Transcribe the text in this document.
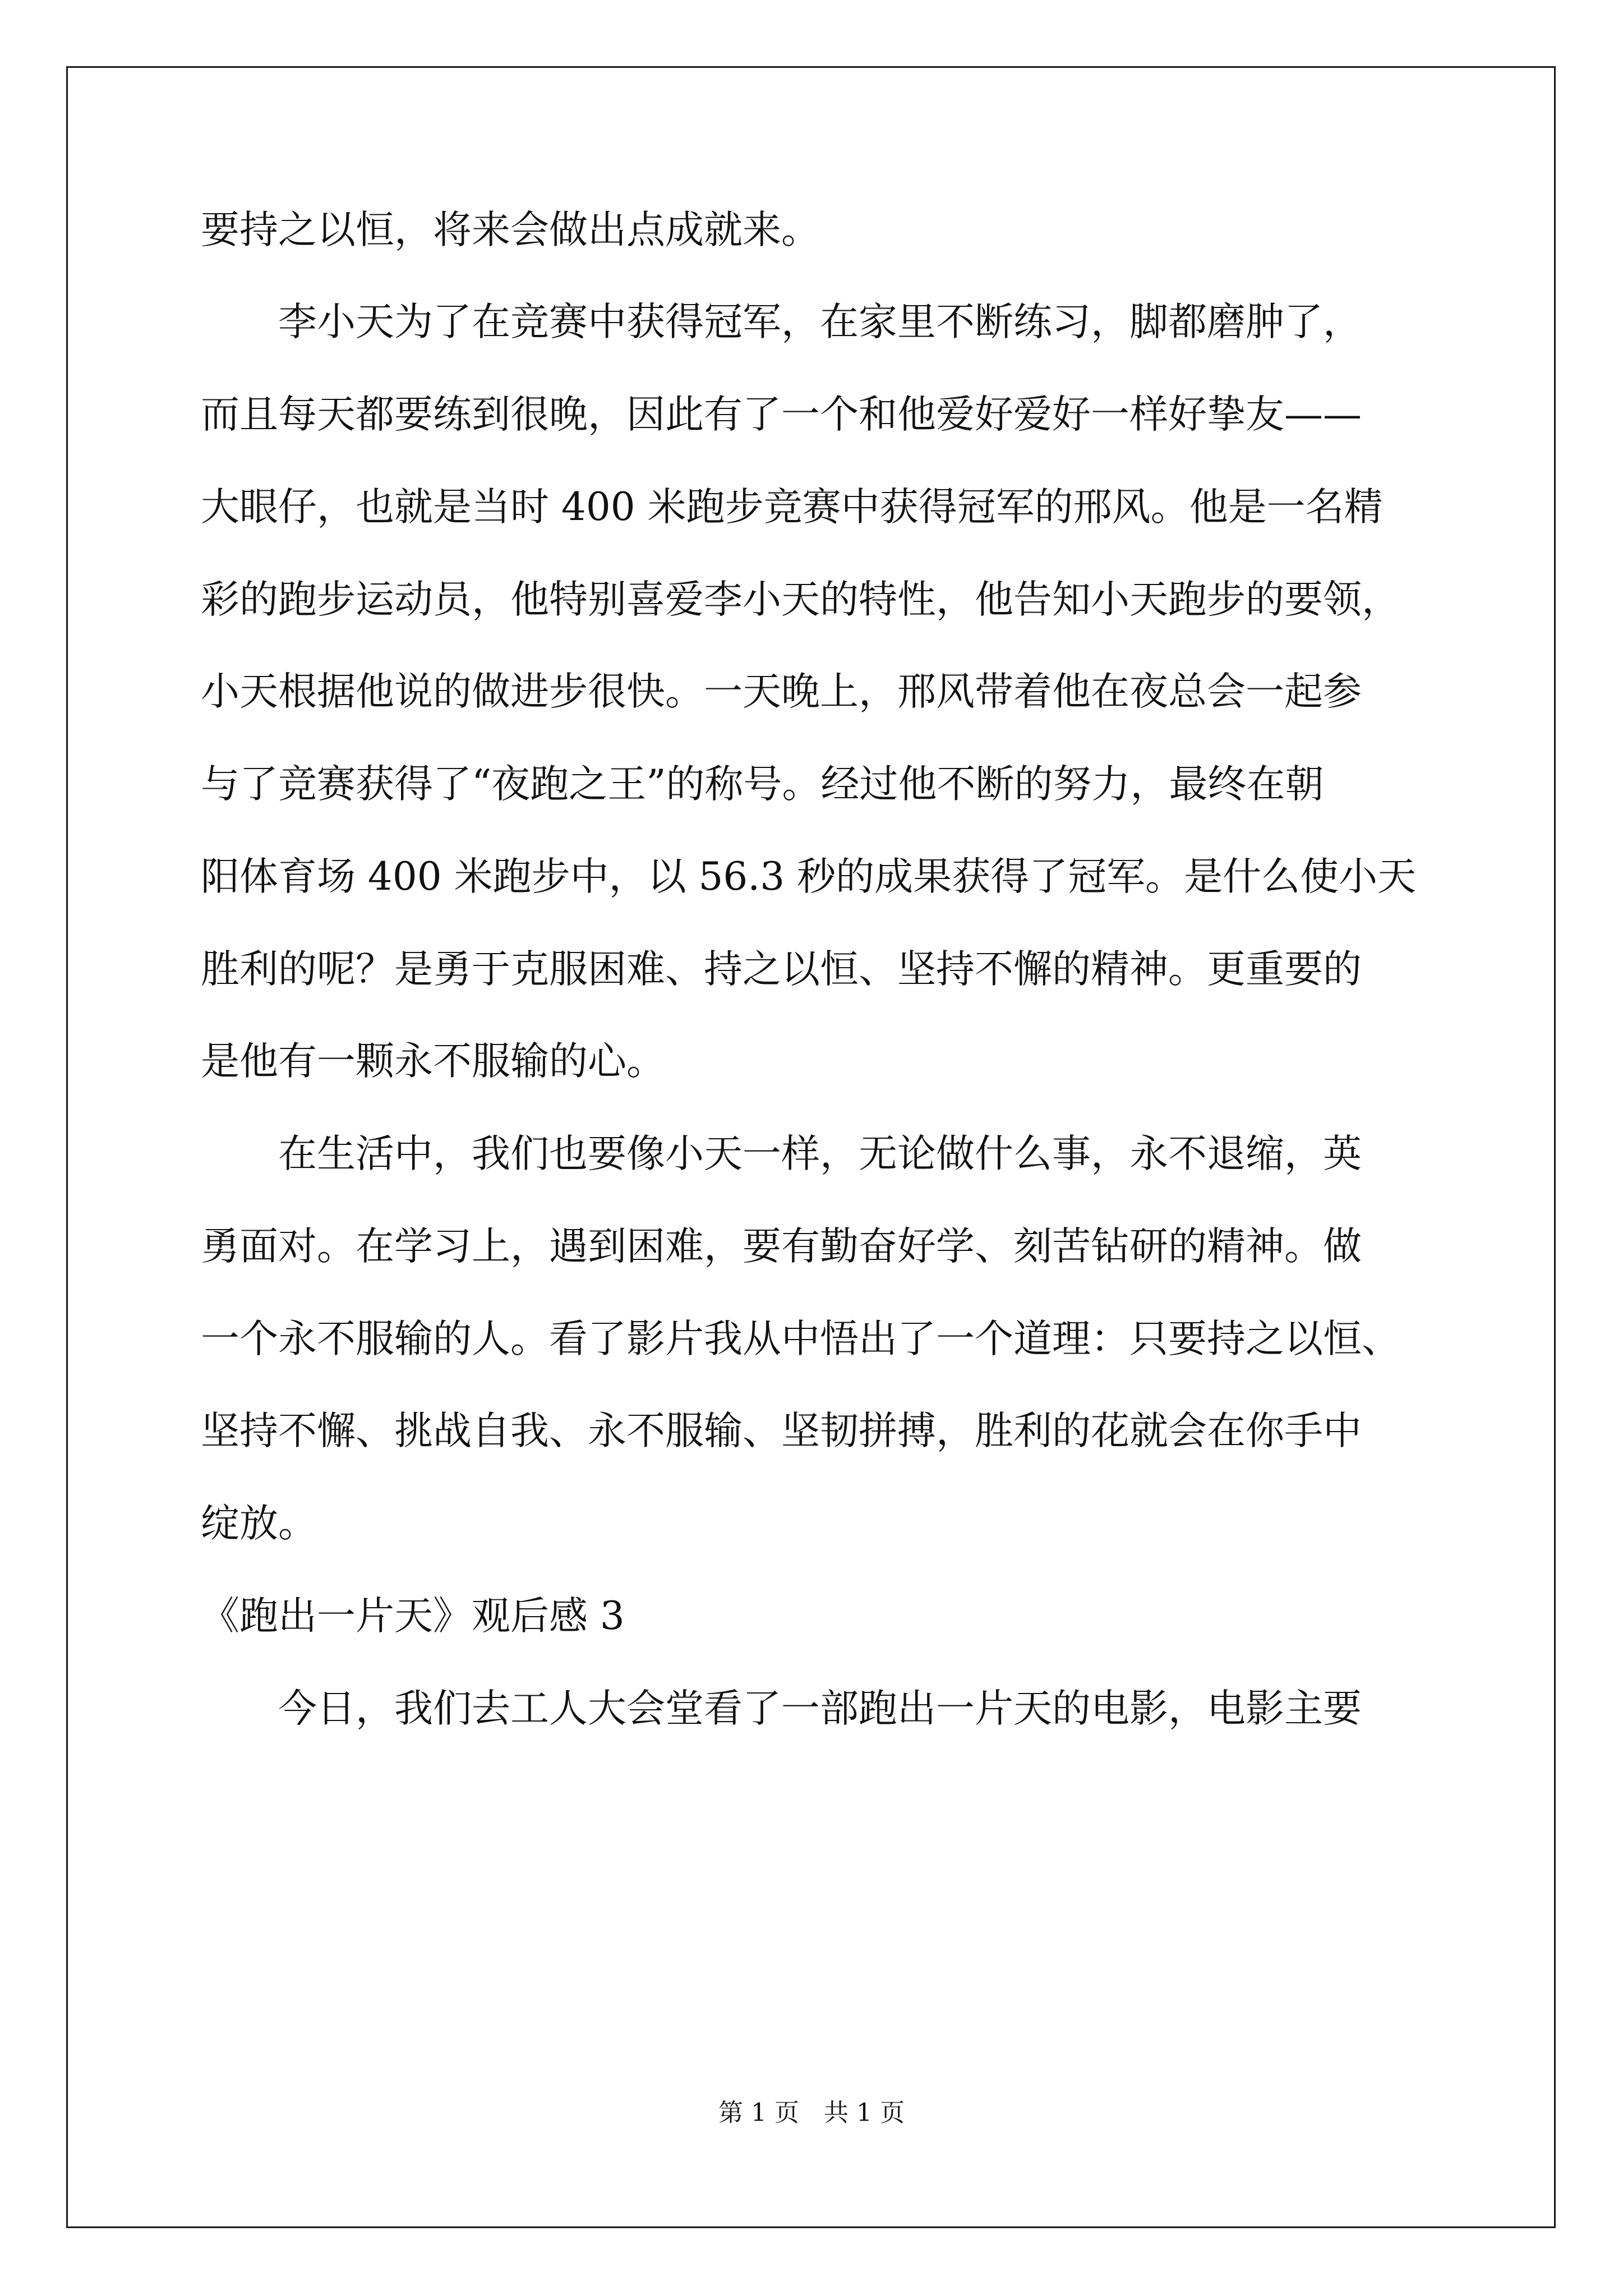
要持之以恒，将来会做出点成就来。
　　李小天为了在竞赛中获得冠军，在家里不断练习，脚都磨肿了，
而且每天都要练到很晚，因此有了一个和他爱好爱好一样好挚友——
大眼仔，也就是当时 400 米跑步竞赛中获得冠军的邢风。他是一名精
彩的跑步运动员，他特别喜爱李小天的特性，他告知小天跑步的要领，
小天根据他说的做进步很快。一天晚上，邢风带着他在夜总会一起参
与了竞赛获得了“夜跑之王”的称号。经过他不断的努力，最终在朝
阳体育场 400 米跑步中，以 56.3 秒的成果获得了冠军。是什么使小天
胜利的呢？是勇于克服困难、持之以恒、坚持不懈的精神。更重要的
是他有一颗永不服输的心。
　　在生活中，我们也要像小天一样，无论做什么事，永不退缩，英
勇面对。在学习上，遇到困难，要有勤奋好学、刻苦钻研的精神。做
一个永不服输的人。看了影片我从中悟出了一个道理：只要持之以恒、
坚持不懈、挑战自我、永不服输、坚韧拼搏，胜利的花就会在你手中
绽放。
《跑出一片天》观后感 3
　　今日，我们去工人大会堂看了一部跑出一片天的电影，电影主要
第 1 页　共 1 页
